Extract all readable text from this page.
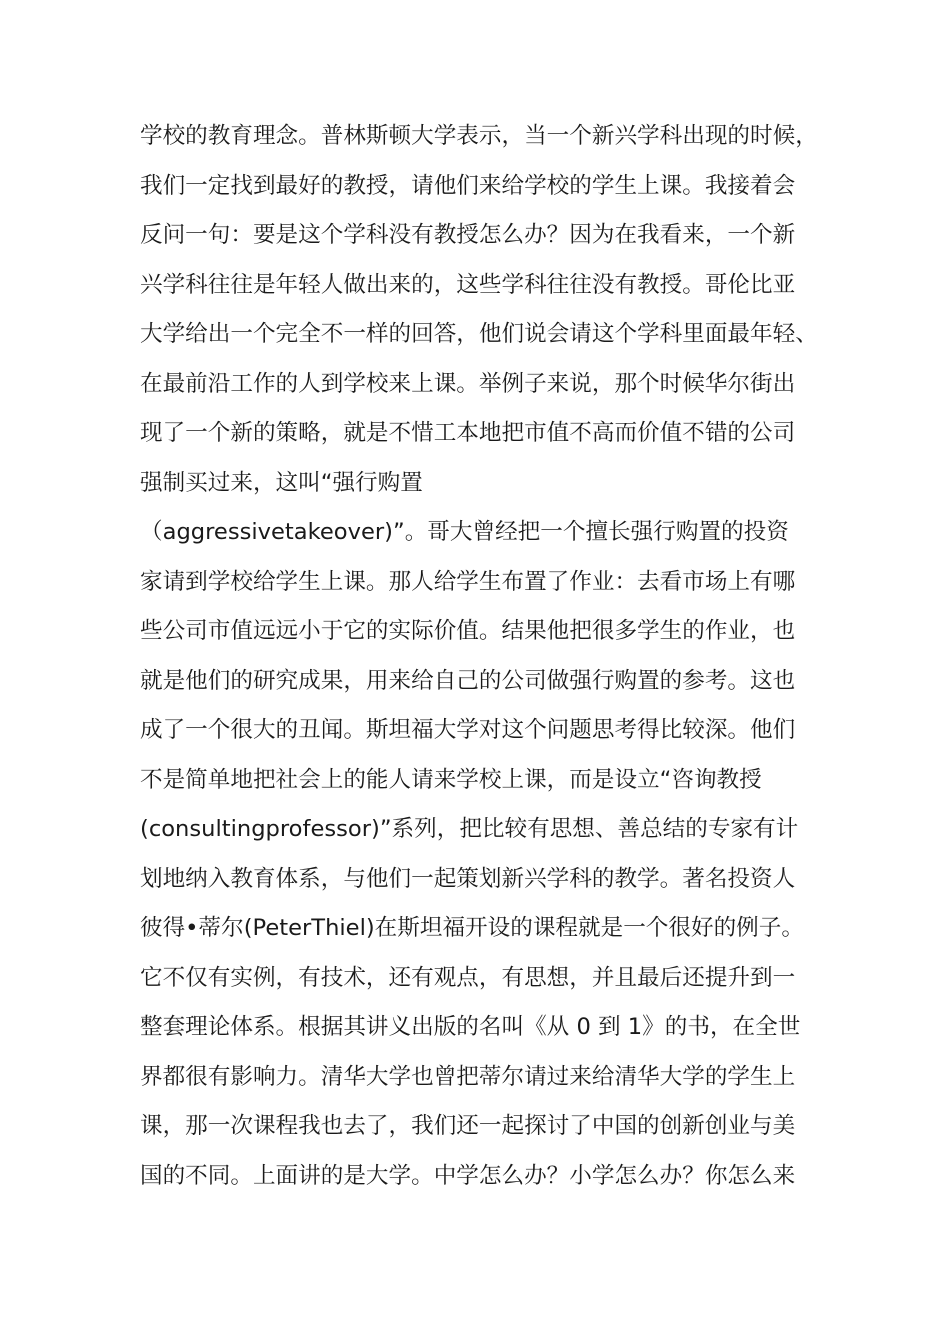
学校的教育理念。普林斯顿大学表示，当一个新兴学科出现的时候，
我们一定找到最好的教授，请他们来给学校的学生上课。我接着会
反问一句：要是这个学科没有教授怎么办？因为在我看来，一个新
兴学科往往是年轻人做出来的，这些学科往往没有教授。哥伦比亚
大学给出一个完全不一样的回答，他们说会请这个学科里面最年轻、
在最前沿工作的人到学校来上课。举例子来说，那个时候华尔街出
现了一个新的策略，就是不惜工本地把市值不高而价值不错的公司
强制买过来，这叫“强行购置
（aggressivetakeover)”。哥大曾经把一个擅长强行购置的投资
家请到学校给学生上课。那人给学生布置了作业：去看市场上有哪
些公司市值远远小于它的实际价值。结果他把很多学生的作业，也
就是他们的研究成果，用来给自己的公司做强行购置的参考。这也
成了一个很大的丑闻。斯坦福大学对这个问题思考得比较深。他们
不是简单地把社会上的能人请来学校上课，而是设立“咨询教授
(consultingprofessor)”系列，把比较有思想、善总结的专家有计
划地纳入教育体系，与他们一起策划新兴学科的教学。著名投资人
彼得•蒂尔(PeterThiel)在斯坦福开设的课程就是一个很好的例子。
它不仅有实例，有技术，还有观点，有思想，并且最后还提升到一
整套理论体系。根据其讲义出版的名叫《从 0 到 1》的书，在全世
界都很有影响力。清华大学也曾把蒂尔请过来给清华大学的学生上
课，那一次课程我也去了，我们还一起探讨了中国的创新创业与美
国的不同。上面讲的是大学。中学怎么办？小学怎么办？你怎么来
